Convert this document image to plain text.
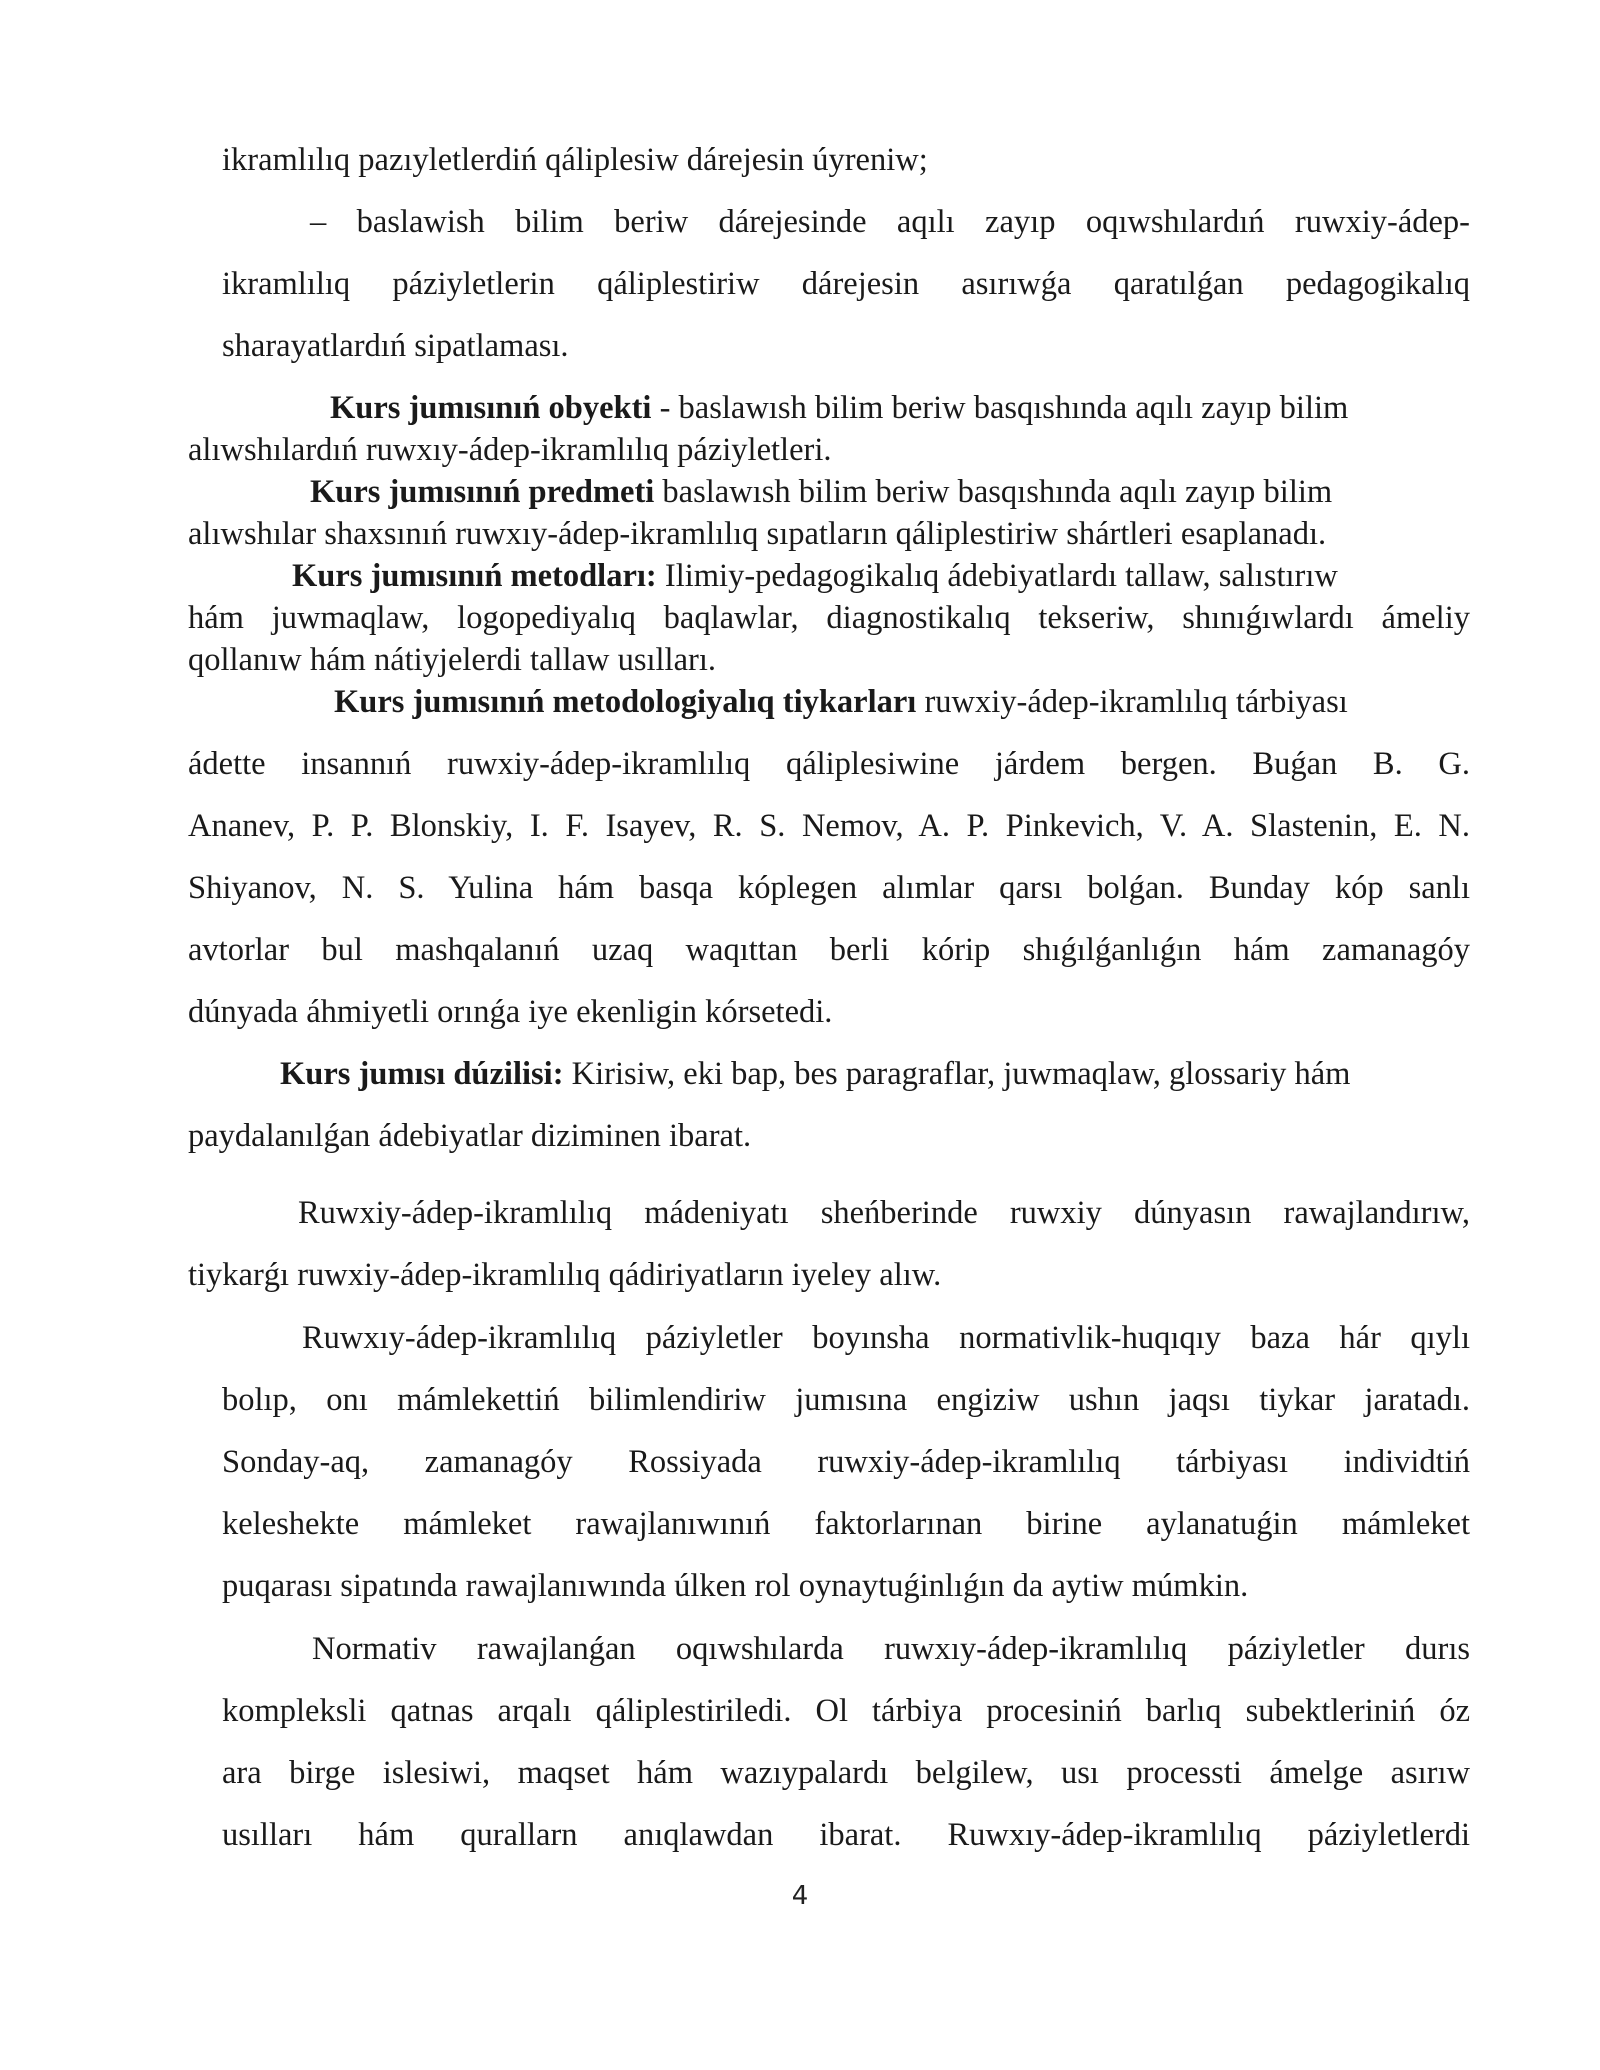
ikramlılıq pazıyletlerdiń qáliplesiw dárejesin úyreniw;
– baslawish bilim beriw dárejesinde aqılı zayıp oqıwshılardıń ruwxiy-ádep-
ikramlılıq páziyletlerin qáliplestiriw dárejesin asırıwǵa qaratılǵan pedagogikalıq
sharayatlardıń sipatlaması.
Kurs jumısınıń obyekti - baslawısh bilim beriw basqıshında aqılı zayıp bilim
alıwshılardıń ruwxıy-ádep-ikramlılıq páziyletleri.
Kurs jumısınıń predmeti baslawısh bilim beriw basqıshında aqılı zayıp bilim
alıwshılar shaxsınıń ruwxıy-ádep-ikramlılıq sıpatların qáliplestiriw shártleri esaplanadı.
Kurs jumısınıń metodları: Ilimiy-pedagogikalıq ádebiyatlardı tallaw, salıstırıw
hám juwmaqlaw, logopediyalıq baqlawlar, diagnostikalıq tekseriw, shınıǵıwlardı ámeliy
qollanıw hám nátiyjelerdi tallaw usılları.
Kurs jumısınıń metodologiyalıq tiykarları ruwxiy-ádep-ikramlılıq tárbiyası
ádette insannıń ruwxiy-ádep-ikramlılıq qáliplesiwine járdem bergen. Buǵan B. G.
Ananev, P. P. Blonskiy, I. F. Isayev, R. S. Nemov, A. P. Pinkevich, V. A. Slastenin, E. N.
Shiyanov, N. S. Yulina hám basqa kóplegen alımlar qarsı bolǵan. Bunday kóp sanlı
avtorlar bul mashqalanıń uzaq waqıttan berli kórip shıǵılǵanlıǵın hám zamanagóy
dúnyada áhmiyetli orınǵa iye ekenligin kórsetedi.
Kurs jumısı dúzilisi: Kirisiw, eki bap, bes paragraflar, juwmaqlaw, glossariy hám
paydalanılǵan ádebiyatlar diziminen ibarat.
Ruwxiy-ádep-ikramlılıq mádeniyatı sheńberinde ruwxiy dúnyasın rawajlandırıw,
tiykarǵı ruwxiy-ádep-ikramlılıq qádiriyatların iyeley alıw.
Ruwxıy-ádep-ikramlılıq páziyletler boyınsha normativlik-huqıqıy baza hár qıylı
bolıp, onı mámlekettiń bilimlendiriw jumısına engiziw ushın jaqsı tiykar jaratadı.
Sonday-aq, zamanagóy Rossiyada ruwxiy-ádep-ikramlılıq tárbiyası individtiń
keleshekte mámleket rawajlanıwınıń faktorlarınan birine aylanatuǵin mámleket
puqarası sipatında rawajlanıwında úlken rol oynaytuǵinlıǵın da aytiw múmkin.
Normativ rawajlanǵan oqıwshılarda ruwxıy-ádep-ikramlılıq páziyletler durıs
kompleksli qatnas arqalı qáliplestiriledi. Ol tárbiya procesiniń barlıq subektleriniń óz
ara birge islesiwi, maqset hám wazıypalardı belgilew, usı processti ámelge asırıw
usılları hám qurallarn anıqlawdan ibarat. Ruwxıy-ádep-ikramlılıq páziyletlerdi
4
